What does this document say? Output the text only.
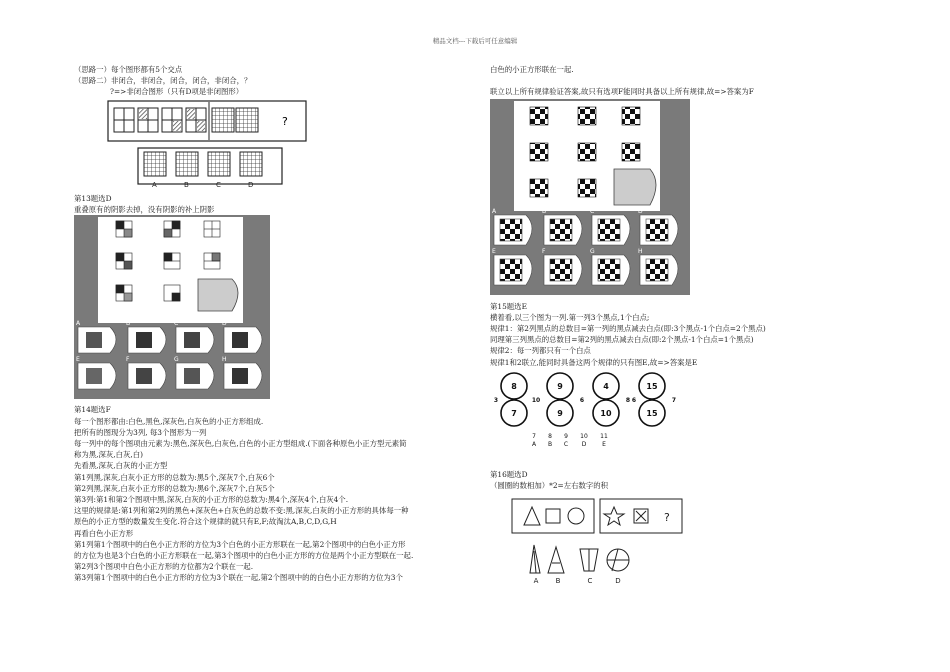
精品文档---下载后可任意编辑

（思路一）每个图形都有5个交点

（思路二）非闭合，非闭合，闭合，闭合，非闭合，？

?=>非闭合图形（只有D项是非闭图形）

?
A	B	C	D

第13题选D

重叠原有的阴影去掉，没有阴影的补上阴影

A	B	C	D
E	F	G	H

第14题选F

每一个图形都由:白色,黑色,深灰色,白灰色的小正方形组成.

把所有的图现分为3列, 每3个图形为一列

每一列中的每个图项由元素为:黑色,深灰色,白灰色,白色的小正方型组成.(下面各种原色小正方型元素简

称为黑,深灰,白灰,白)

先看黑,深灰,白灰的小正方型

第1列黑,深灰,白灰小正方形的总数为:黑5个,深灰7个,白灰6个

第2列黑,深灰,白灰小正方形的总数为:黑6个,深灰7个,白灰5个

第3列:第1和第2个图项中黑,深灰,白灰的小正方形的总数为:黑4个,深灰4个,白灰4个.

这里的规律是:第1列和第2列的黑色+深灰色+白灰色的总数不变:黑,深灰,白灰的小正方形的具体每一种

原色的小正方型的数量发生变化.符合这个规律的就只有E,F;故淘汰A,B,C,D,G,H

再看白色小正方形

第1列第1个图项中的白色小正方形的方位为3个白色的小正方形联在一起,第2个图项中的白色小正方形

的方位为也是3个白色的小正方形联在一起,第3个图项中的白色小正方形的方位是两个小正方型联在一起.

第2列3个图项中白色小正方形的方位都为2个联在一起.

第3列第1个图项中的白色小正方形的方位为3个联在一起,第2个图项中的的白色小正方形的方位为3个

白色的小正方形联在一起.

联立以上所有规律验证答案,故只有选项F能同时具备以上所有规律,故=>答案为F

A	B	C	D
E	F	G	H

第15题选E

横着看,以三个图为一列.第一列3个黑点,1个白点;

规律1：第2列黑点的总数目=第一列的黑点减去白点(即:3个黑点-1个白点=2个黑点)

同理第三列黑点的总数目=第2列的黑点减去白点(即:2个黑点-1个白点=1个黑点)

规律2：每一列都只有一个白点

规律1和2联立,能同时具备这两个规律的只有图E,故=>答案是E

8
7
9
9
4
10
15
15
3	10	6	8 6	7
7
A
8
B
9
C
10
D
11
E

第16题选D

（圆圈的数相加）*2=左右数字的积

?
A B	C	D
